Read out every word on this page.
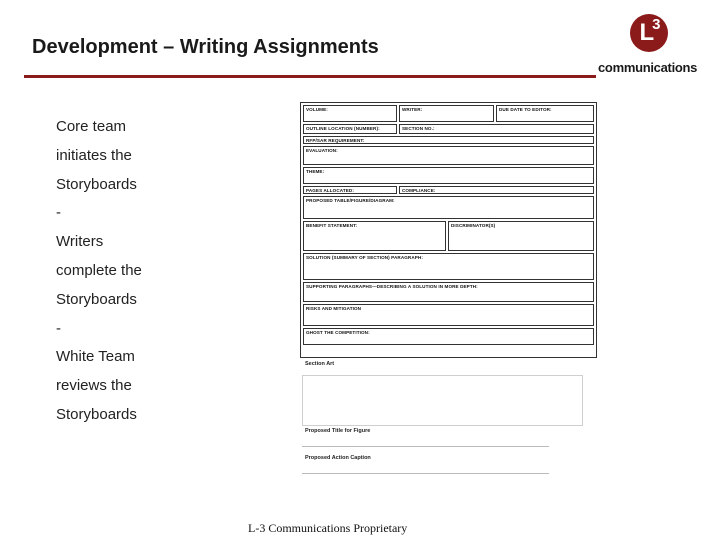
Development – Writing Assignments
$L^3$
communications
Core team
initiates the
Storyboards
-
Writers
complete the
Storyboards
-
White Team
reviews the
Storyboards
VOLUME:	WRITER:	DUE DATE TO EDITOR:
OUTLINE LOCATION (NUMBER):	SECTION NO.:
RFP/SAR REQUIREMENT:
EVALUATION:
THEME:
PAGES ALLOCATED:	COMPLIANCE:
PROPOSED TABLE/FIGURE/DIAGRAM:
BENEFIT STATEMENT:	DISCRIMINATOR(S)
SOLUTION (SUMMARY OF SECTION) PARAGRAPH:
SUPPORTING PARAGRAPHS—DESCRIBING A SOLUTION IN MORE DEPTH:
RISKS AND MITIGATION
GHOST THE COMPETITION:
Section Art
Proposed Title for Figure
Proposed Action Caption
L-3 Communications Proprietary
